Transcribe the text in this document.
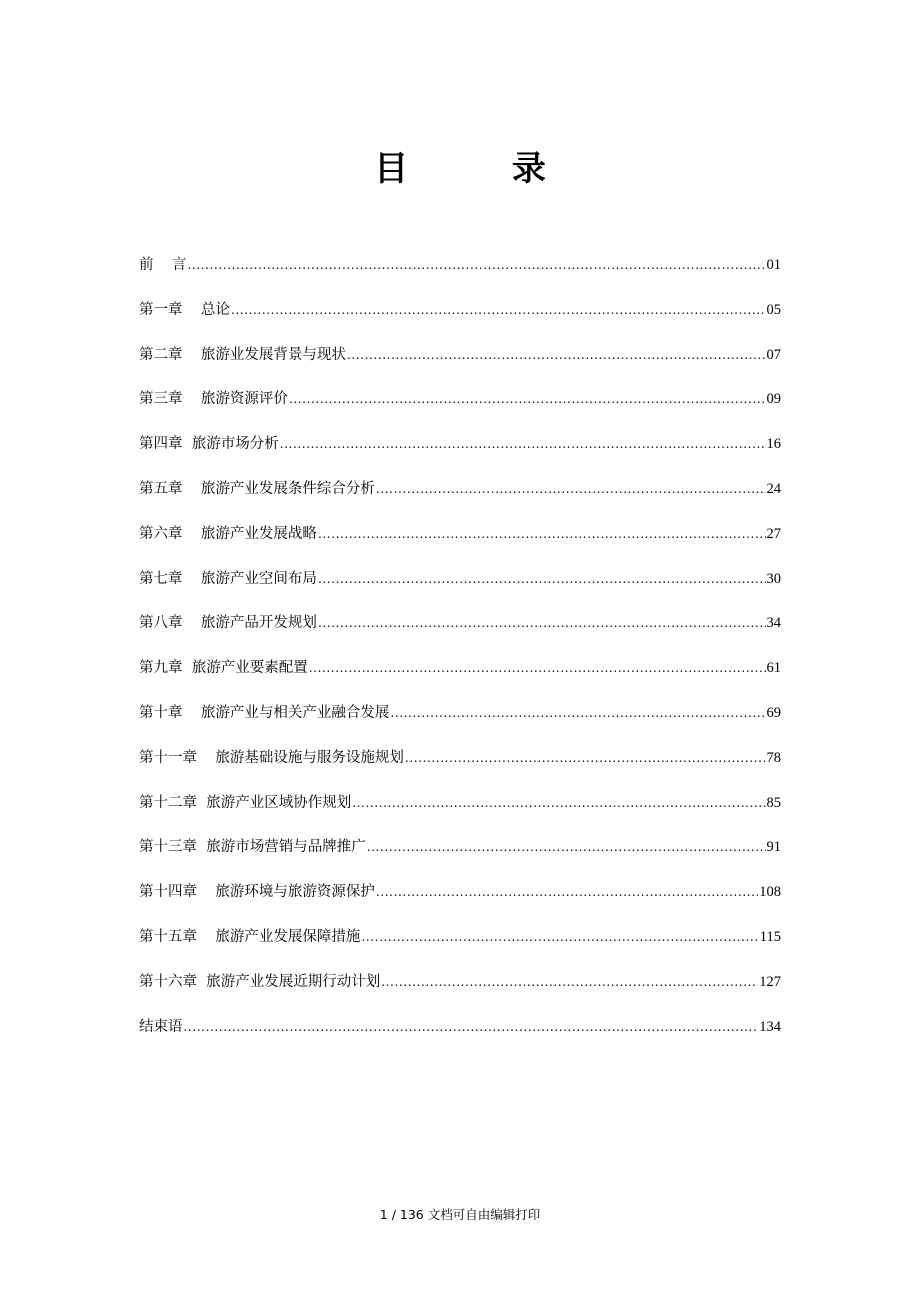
目 录
前    言 .....	01
第一章    总论 .....	05
第二章    旅游业发展背景与现状 .....	07
第三章    旅游资源评价 .....	09
第四章  旅游市场分析 .....	16
第五章    旅游产业发展条件综合分析 .....	24
第六章    旅游产业发展战略 .....	27
第七章    旅游产业空间布局 .....	30
第八章    旅游产品开发规划 .....	34
第九章  旅游产业要素配置 .....	61
第十章    旅游产业与相关产业融合发展 .....	69
第十一章    旅游基础设施与服务设施规划 .....	78
第十二章  旅游产业区域协作规划 .....	85
第十三章  旅游市场营销与品牌推广 .....	91
第十四章    旅游环境与旅游资源保护 .....	108
第十五章    旅游产业发展保障措施 .....	115
第十六章  旅游产业发展近期行动计划 .....	127
结束语 .....	134
1 / 136 文档可自由编辑打印
